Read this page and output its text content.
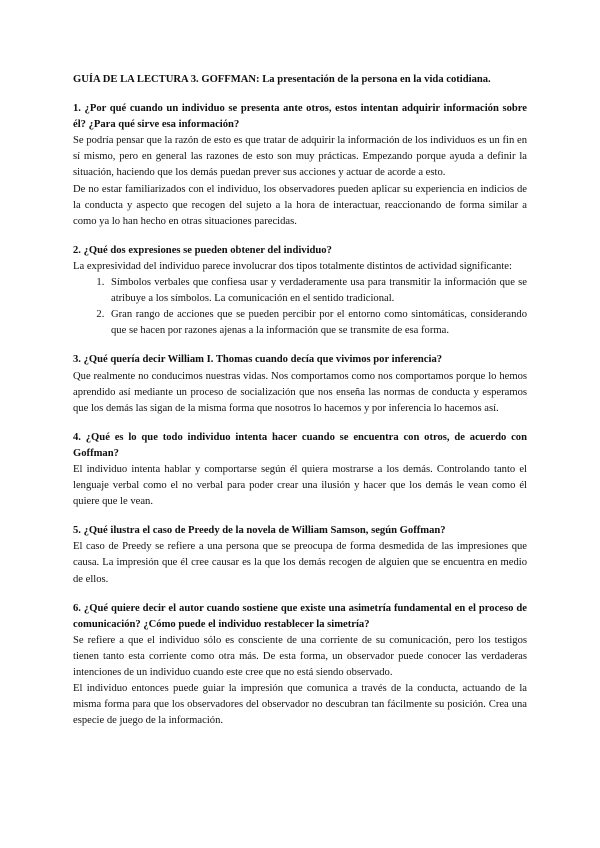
GUÍA DE LA LECTURA 3. GOFFMAN: La presentación de la persona en la vida cotidiana.

1. ¿Por qué cuando un individuo se presenta ante otros, estos intentan adquirir información sobre él? ¿Para qué sirve esa información?

Se podría pensar que la razón de esto es que tratar de adquirir la información de los individuos es un fin en sí mismo, pero en general las razones de esto son muy prácticas. Empezando porque ayuda a definir la situación, haciendo que los demás puedan prever sus acciones y actuar de acorde a esto.

De no estar familiarizados con el individuo, los observadores pueden aplicar su experiencia en indicios de la conducta y aspecto que recogen del sujeto a la hora de interactuar, reaccionando de forma similar a como ya lo han hecho en otras situaciones parecidas.

2. ¿Qué dos expresiones se pueden obtener del individuo?

La expresividad del individuo parece involucrar dos tipos totalmente distintos de actividad significante:

1. Símbolos verbales que confiesa usar y verdaderamente usa para transmitir la información que se atribuye a los símbolos. La comunicación en el sentido tradicional.
2. Gran rango de acciones que se pueden percibir por el entorno como sintomáticas, considerando que se hacen por razones ajenas a la información que se transmite de esa forma.
3. ¿Qué quería decir William I. Thomas cuando decía que vivimos por inferencia?

Que realmente no conducimos nuestras vidas. Nos comportamos como nos comportamos porque lo hemos aprendido así mediante un proceso de socialización que nos enseña las normas de conducta y esperamos que los demás las sigan de la misma forma que nosotros lo hacemos y por inferencia lo hacemos así.

4. ¿Qué es lo que todo individuo intenta hacer cuando se encuentra con otros, de acuerdo con Goffman?

El individuo intenta hablar y comportarse según él quiera mostrarse a los demás. Controlando tanto el lenguaje verbal como el no verbal para poder crear una ilusión y hacer que los demás le vean como él quiere que le vean.

5. ¿Qué ilustra el caso de Preedy de la novela de William Samson, según Goffman?

El caso de Preedy se refiere a una persona que se preocupa de forma desmedida de las impresiones que causa. La impresión que él cree causar es la que los demás recogen de alguien que se encuentra en medio de ellos.

6. ¿Qué quiere decir el autor cuando sostiene que existe una asimetría fundamental en el proceso de comunicación? ¿Cómo puede el individuo restablecer la simetría?

Se refiere a que el individuo sólo es consciente de una corriente de su comunicación, pero los testigos tienen tanto esta corriente como otra más. De esta forma, un observador puede conocer las verdaderas intenciones de un individuo cuando este cree que no está siendo observado.

El individuo entonces puede guiar la impresión que comunica a través de la conducta, actuando de la misma forma para que los observadores del observador no descubran tan fácilmente su posición. Crea una especie de juego de la información.
